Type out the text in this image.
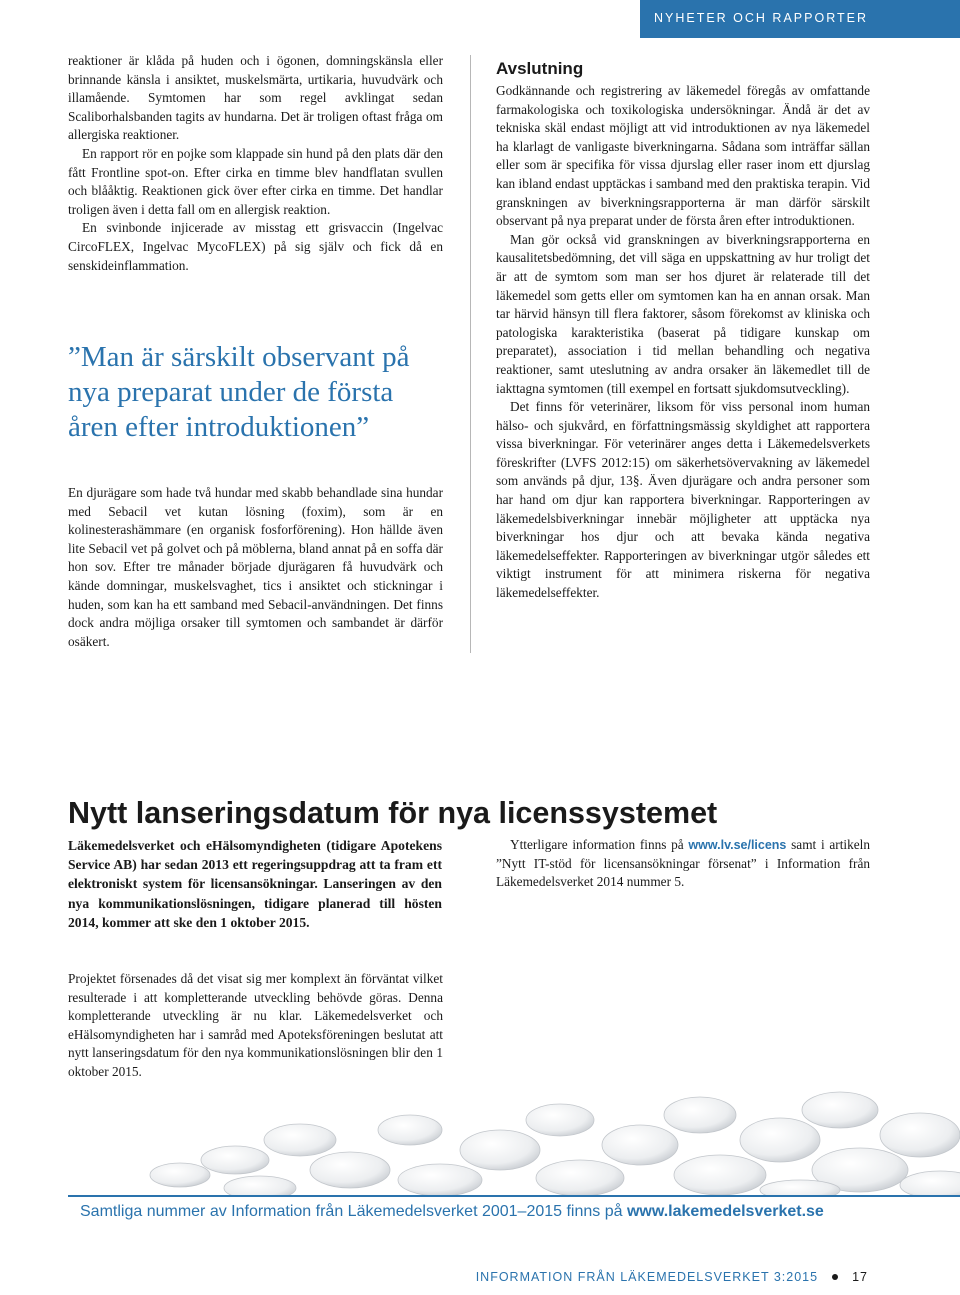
NYHETER OCH RAPPORTER

reaktioner är klåda på huden och i ögonen, domningskänsla eller brinnande känsla i ansiktet, muskelsmärta, urtikaria, huvudvärk och illamående. Symtomen har som regel avklingat sedan Scaliborhalsbanden tagits av hundarna. Det är troligen oftast fråga om allergiska reaktioner.

En rapport rör en pojke som klappade sin hund på den plats där den fått Frontline spot-on. Efter cirka en timme blev handflatan svullen och blååktig. Reaktionen gick över efter cirka en timme. Det handlar troligen även i detta fall om en allergisk reaktion.

En svinbonde injicerade av misstag ett grisvaccin (Ingelvac CircoFLEX, Ingelvac MycoFLEX) på sig själv och fick då en senskideinflammation.

”Man är särskilt observant på nya preparat under de första åren efter introduktionen”

En djurägare som hade två hundar med skabb behandlade sina hundar med Sebacil vet kutan lösning (foxim), som är en kolinesterashämmare (en organisk fosforförening). Hon hällde även lite Sebacil vet på golvet och på möblerna, bland annat på en soffa där hon sov. Efter tre månader började djurägaren få huvudvärk och kände domningar, muskelsvaghet, tics i ansiktet och stickningar i huden, som kan ha ett samband med Sebacil-användningen. Det finns dock andra möjliga orsaker till symtomen och sambandet är därför osäkert.

Avslutning

Godkännande och registrering av läkemedel föregås av omfattande farmakologiska och toxikologiska undersökningar. Ändå är det av tekniska skäl endast möjligt att vid introduktionen av nya läkemedel ha klarlagt de vanligaste biverkningarna. Sådana som inträffar sällan eller som är specifika för vissa djurslag eller raser inom ett djurslag kan ibland endast upptäckas i samband med den praktiska terapin. Vid granskningen av biverkningsrapporterna är man därför särskilt observant på nya preparat under de första åren efter introduktionen.

Man gör också vid granskningen av biverkningsrapporterna en kausalitetsbedömning, det vill säga en uppskattning av hur troligt det är att de symtom som man ser hos djuret är relaterade till det läkemedel som getts eller om symtomen kan ha en annan orsak. Man tar härvid hänsyn till flera faktorer, såsom förekomst av kliniska och patologiska karakteristika (baserat på tidigare kunskap om preparatet), association i tid mellan behandling och negativa reaktioner, samt uteslutning av andra orsaker än läkemedlet till de iakttagna symtomen (till exempel en fortsatt sjukdomsutveckling).

Det finns för veterinärer, liksom för viss personal inom human hälso- och sjukvård, en författningsmässig skyldighet att rapportera vissa biverkningar. För veterinärer anges detta i Läkemedelsverkets föreskrifter (LVFS 2012:15) om säkerhetsövervakning av läkemedel som används på djur, 13§. Även djurägare och andra personer som har hand om djur kan rapportera biverkningar. Rapporteringen av läkemedelsbiverkningar innebär möjligheter att upptäcka nya biverkningar hos djur och att bevaka kända negativa läkemedelseffekter. Rapporteringen av biverkningar utgör således ett viktigt instrument för att minimera riskerna för negativa läkemedelseffekter.

Nytt lanseringsdatum för nya licenssystemet
Läkemedelsverket och eHälsomyndigheten (tidigare Apotekens Service AB) har sedan 2013 ett regeringsuppdrag att ta fram ett elektroniskt system för licensansökningar. Lanseringen av den nya kommunikationslösningen, tidigare planerad till hösten 2014, kommer att ske den 1 oktober 2015.

Projektet försenades då det visat sig mer komplext än förväntat vilket resulterade i att kompletterande utveckling behövde göras. Denna kompletterande utveckling är nu klar. Läkemedelsverket och eHälsomyndigheten har i samråd med Apoteksföreningen beslutat att nytt lanseringsdatum för den nya kommunikationslösningen blir den 1 oktober 2015.

Ytterligare information finns på www.lv.se/licens samt i artikeln ”Nytt IT-stöd för licensansökningar försenat” i Information från Läkemedelsverket 2014 nummer 5.

Samtliga nummer av Information från Läkemedelsverket 2001–2015 finns på www.lakemedelsverket.se
INFORMATION FRÅN LÄKEMEDELSVERKET 3:2015	17
